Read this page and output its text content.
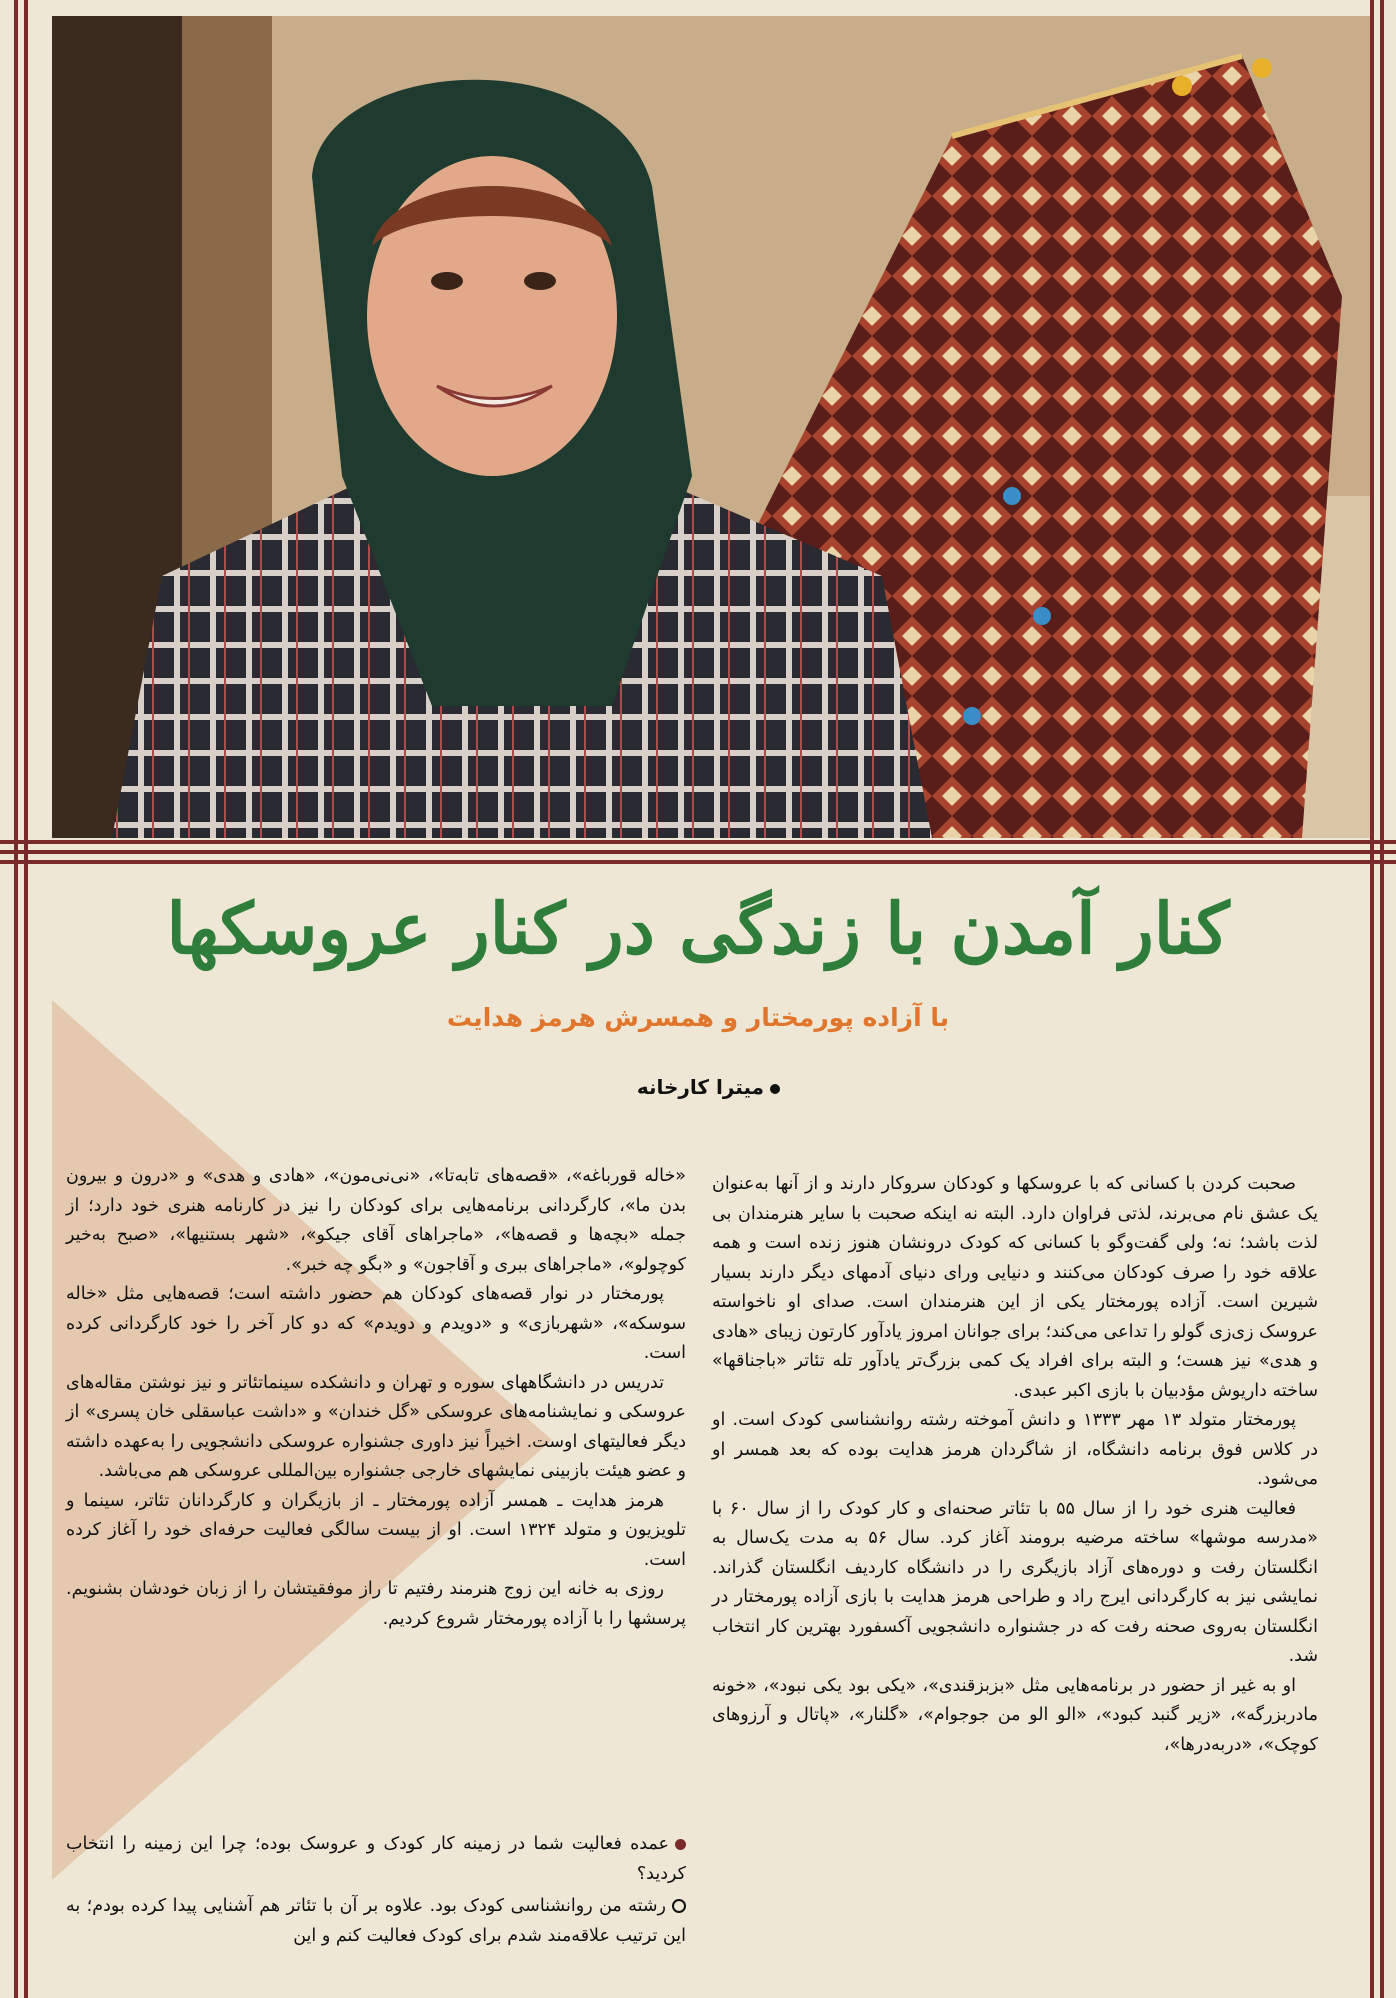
کنار آمدن با زندگی در کنار عروسکها
با آزاده پورمختار و همسرش هرمز هدایت
میترا کارخانه

صحبت کردن با کسانی که با عروسکها و کودکان سروکار دارند و از آنها به‌عنوان یک عشق نام می‌برند، لذتی فراوان دارد. البته نه اینکه صحبت با سایر هنرمندان بی لذت باشد؛ نه؛ ولی گفت‌وگو با کسانی که کودک درونشان هنوز زنده است و همه علاقه خود را صرف کودکان می‌کنند و دنیایی ورای دنیای آدمهای دیگر دارند بسیار شیرین است. آزاده پورمختار یکی از این هنرمندان است. صدای او ناخواسته عروسک زی‌زی گولو را تداعی می‌کند؛ برای جوانان امروز یادآور کارتون زیبای «هادی و هدی» نیز هست؛ و البته برای افراد یک کمی بزرگ‌تر یادآور تله تئاتر «باجناقها» ساخته داریوش مؤدبیان با بازی اکبر عبدی.

پورمختار متولد ۱۳ مهر ۱۳۳۳ و دانش آموخته رشته روانشناسی کودک است. او در کلاس فوق برنامه دانشگاه، از شاگردان هرمز هدایت بوده که بعد همسر او می‌شود.

فعالیت هنری خود را از سال ۵۵ با تئاتر صحنه‌ای و کار کودک را از سال ۶۰ با «مدرسه موشها» ساخته مرضیه برومند آغاز کرد. سال ۵۶ به مدت یک‌سال به انگلستان رفت و دوره‌های آزاد بازیگری را در دانشگاه کاردیف انگلستان گذراند. نمایشی نیز به کارگردانی ایرج راد و طراحی هرمز هدایت با بازی آزاده پورمختار در انگلستان به‌روی صحنه رفت که در جشنواره دانشجویی آکسفورد بهترین کار انتخاب شد.

او به غیر از حضور در برنامه‌هایی مثل «بزبزقندی»، «یکی بود یکی نبود»، «خونه مادربزرگه»، «زیر گنبد کبود»، «الو الو من جوجوام»، «گلنار»، «پاتال و آرزوهای کوچک»، «دربه‌درها»،

«خاله قورباغه»، «قصه‌های تابه‌تا»، «نی‌نی‌مون»، «هادی و هدی» و «درون و بیرون بدن ما»، کارگردانی برنامه‌هایی برای کودکان را نیز در کارنامه هنری خود دارد؛ از جمله «بچه‌ها و قصه‌ها»، «ماجراهای آقای جیکو»، «شهر بستنیها»، «صبح به‌خیر کوچولو»، «ماجراهای ببری و آقاجون» و «بگو چه خبر».

پورمختار در نوار قصه‌های کودکان هم حضور داشته است؛ قصه‌هایی مثل «خاله سوسکه»، «شهربازی» و «دویدم و دویدم» که دو کار آخر را خود کارگردانی کرده است.

تدریس در دانشگاههای سوره و تهران و دانشکده سینماتئاتر و نیز نوشتن مقاله‌های عروسکی و نمایشنامه‌های عروسکی «گل خندان» و «داشت عباسقلی خان پسری» از دیگر فعالیتهای اوست. اخیراً نیز داوری جشنواره عروسکی دانشجویی را به‌عهده داشته و عضو هیئت بازبینی نمایشهای خارجی جشنواره بین‌المللی عروسکی هم می‌باشد.

هرمز هدایت ـ همسر آزاده پورمختار ـ از بازیگران و کارگردانان تئاتر، سینما و تلویزیون و متولد ۱۳۲۴ است. او از بیست سالگی فعالیت حرفه‌ای خود را آغاز کرده است.

روزی به خانه این زوج هنرمند رفتیم تا راز موفقیتشان را از زبان خودشان بشنویم. پرسشها را با آزاده پورمختار شروع کردیم.

عمده فعالیت شما در زمینه کار کودک و عروسک بوده؛ چرا این زمینه را انتخاب کردید؟
رشته من روانشناسی کودک بود. علاوه بر آن با تئاتر هم آشنایی پیدا کرده بودم؛ به این ترتیب علاقه‌مند شدم برای کودک فعالیت کنم و این
